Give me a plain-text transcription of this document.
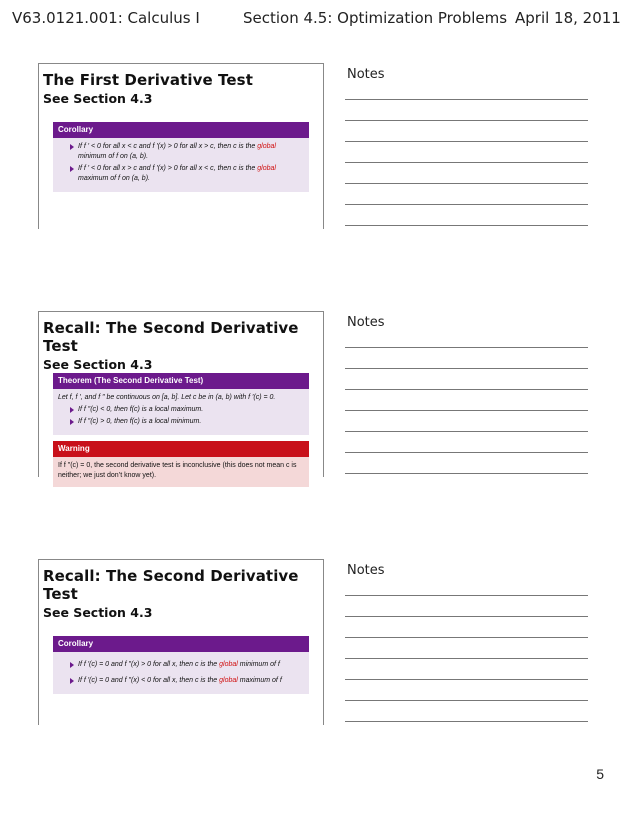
V63.0121.001: Calculus I	Section 4.5: Optimization Problems April 18, 2011
The First Derivative Test
See Section 4.3
Corollary
If f ′ < 0 for all x < c and f ′(x) > 0 for all x > c, then c is the global minimum of f on (a, b).
If f ′ < 0 for all x > c and f ′(x) > 0 for all x < c, then c is the global maximum of f on (a, b).
Recall: The Second Derivative Test
See Section 4.3
Theorem (The Second Derivative Test)
Let f, f ′, and f ″ be continuous on [a, b]. Let c be in (a, b) with f ′(c) = 0.
If f ″(c) < 0, then f(c) is a local maximum.
If f ″(c) > 0, then f(c) is a local minimum.
Warning
If f ″(c) = 0, the second derivative test is inconclusive (this does not mean c is neither; we just don’t know yet).
Recall: The Second Derivative Test
See Section 4.3
Corollary
If f ′(c) = 0 and f ″(x) > 0 for all x, then c is the global minimum of f
If f ′(c) = 0 and f ″(x) < 0 for all x, then c is the global maximum of f
Notes
Notes
Notes
5
